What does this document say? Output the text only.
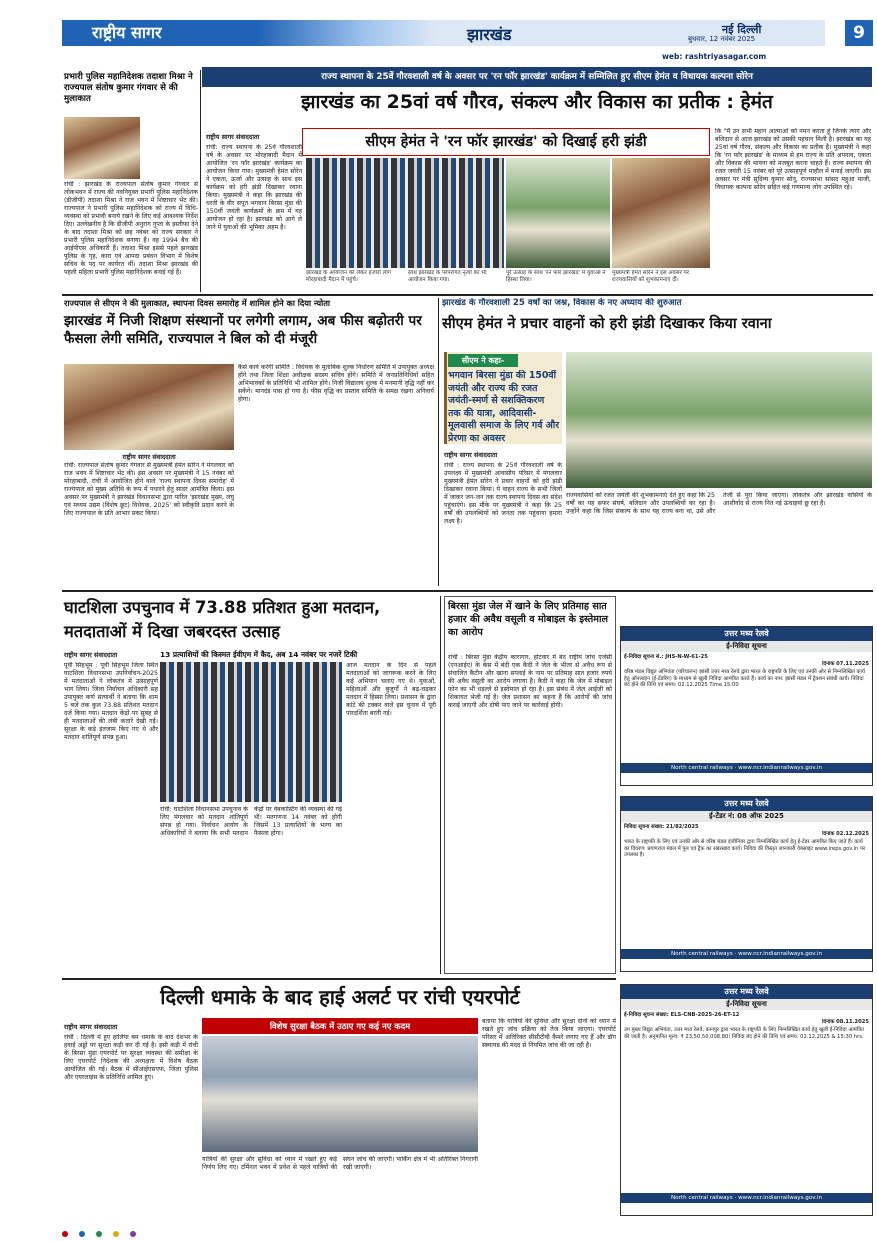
राष्ट्रीय सागर	झारखंड	नई दिल्ली
बुधवार, 12 नवंबर 2025
web: rashtriyasagar.com
9
प्रभारी पुलिस महानिदेशक तदाशा मिश्रा ने राज्यपाल संतोष कुमार गंगवार से की मुलाकात
रांची : झारखंड के राज्यपाल संतोष कुमार गंगवार से लोकभवन में राज्य की नवनियुक्त प्रभारी पुलिस महानिदेशक (डीजीपी) तदाशा मिश्रा ने राज भवन में शिष्टाचार भेंट की। राज्यपाल ने प्रभारी पुलिस महानिदेशक को राज्य में विधि-व्यवस्था को प्रभावी बनाये रखने के लिए कई आवश्यक निर्देश दिए। उल्लेखनीय है कि डीजीपी अनुराग गुप्ता के इस्तीफा देने के बाद तदाशा मिश्रा को छह नवंबर को राज्य सरकार ने प्रभारी पुलिस महानिदेशक बनाया है। वह 1994 बैच की आईपीएस अधिकारी हैं। तदाशा मिश्रा इससे पहले झारखंड पुलिस के गृह, कारा एवं आपदा प्रबंधन विभाग में विशेष सचिव के पद पर कार्यरत थीं। तदाशा मिश्रा झारखंड की पहली महिला प्रभारी पुलिस महानिदेशक बनाई गई हैं।
राज्य स्थापना के 25वें गौरवशाली वर्ष के अवसर पर 'रन फॉर झारखंड' कार्यक्रम में सम्मिलित हुए सीएम हेमंत व विधायक कल्पना सोरेन
झारखंड का 25वां वर्ष गौरव, संकल्प और विकास का प्रतीक : हेमंत
सीएम हेमंत ने 'रन फॉर झारखंड' को दिखाई हरी झंडी
राष्ट्रीय सागर संवाददाता
रांची: राज्य स्थापना के 25वें गौरवशाली वर्ष के अवसर पर मोरहाबादी मैदान में आयोजित 'रन फॉर झारखंड' कार्यक्रम का आयोजन किया गया। मुख्यमंत्री हेमंत सोरेन ने एकता, ऊर्जा और उत्साह के साथ इस कार्यक्रम को हरी झंडी दिखाकर रवाना किया। मुख्यमंत्री ने कहा कि झारखंड की धरती के वीर सपूत भगवान बिरसा मुंडा की 150वीं जयंती कार्यक्रमों के क्रम में यह आयोजन हो रहा है। झारखंड को आगे ले जाने में युवाओं की भूमिका अहम है।
झारखंड के आयोजन को लेकर हजारों लोग मोरहाबादी मैदान में पहुंचे।
साथ झारखंड के परंपरागत नृत्यों का भी आयोजन किया गया।
पूरे उत्साह के साथ 'रन फॉर झारखंड' में युवाओं ने हिस्सा लिया।
मुख्यमंत्री हेमंत सोरेन ने इस अवसर पर राज्यवासियों को शुभकामनाएं दीं।
कि "मैं उन सभी महान आत्माओं को नमन करता हूं जिनके त्याग और बलिदान से आज झारखंड को उसकी पहचान मिली है। झारखंड का यह 25वां वर्ष गौरव, संकल्प और विकास का प्रतीक है। मुख्यमंत्री ने कहा कि 'रन फॉर झारखंड' के माध्यम से हम राज्य के प्रति अपनत्व, एकता और विकास की भावना को मजबूत करना चाहते हैं। राज्य स्थापना की रजत जयंती 15 नवंबर को पूरे उत्साहपूर्ण माहौल में मनाई जाएगी। इस अवसर पर मंत्री सुदिव्य कुमार सोनू, राज्यसभा सांसद महुआ माजी, विधायक कल्पना सोरेन सहित कई गणमान्य लोग उपस्थित रहे।
राज्यपाल से सीएम ने की मुलाकात, स्थापना दिवस समारोह में शामिल होने का दिया न्योता
झारखंड में निजी शिक्षण संस्थानों पर लगेगी लगाम, अब फीस बढ़ोतरी पर फैसला लेगी समिति, राज्यपाल ने बिल को दी मंजूरी
राष्ट्रीय सागर संवाददाता
रांची: राज्यपाल संतोष कुमार गंगवार से मुख्यमंत्री हेमंत सोरेन ने मंगलवार को राज भवन में शिष्टाचार भेंट की। इस अवसर पर मुख्यमंत्री ने 15 नवंबर को मोरहाबादी, रांची में आयोजित होने वाले 'राज्य स्थापना दिवस समारोह' में राज्यपाल को मुख्य अतिथि के रूप में पधारने हेतु सादर आमंत्रित किया। इस अवसर पर मुख्यमंत्री ने झारखंड विधानसभा द्वारा पारित 'झारखंड मुख्य, लघु एवं मध्यम उद्यम (विशेष छूट) विधेयक, 2025' को स्वीकृति प्रदान करने के लिए राज्यपाल के प्रति आभार प्रकट किया।
कैसे कार्य करेगी समिति : विधेयक के मुताबिक शुल्क निर्धारण समिति में उपायुक्त अध्यक्ष होंगे तथा जिला शिक्षा अधीक्षक सदस्य सचिव होंगे। समिति में जनप्रतिनिधियों सहित अभिभावकों के प्रतिनिधि भी शामिल होंगे। निजी विद्यालय शुल्क में मनमानी वृद्धि नहीं कर सकेंगे। मानदंड पास हो गया है। फीस वृद्धि का प्रस्ताव समिति के समक्ष रखना अनिवार्य होगा।
झारखंड के गौरवशाली 25 वर्षों का जश्न, विकास के नए अध्याय की शुरुआत
सीएम हेमंत ने प्रचार वाहनों को हरी झंडी दिखाकर किया रवाना
सीएम ने कहा-
भगवान बिरसा मुंडा की 150वीं जयंती और राज्य की रजत जयंती-स्मर्ण से सशक्तिकरण तक की यात्रा, आदिवासी-मूलवासी समाज के लिए गर्व और प्रेरणा का अवसर
राष्ट्रीय सागर संवाददाता
रांची : राज्य स्थापना के 25वें गौरवशाली वर्ष के उपलक्ष्य में मुख्यमंत्री आवासीय परिसर में मंगलवार मुख्यमंत्री हेमंत सोरेन ने प्रचार वाहनों को हरी झंडी दिखाकर रवाना किया। ये वाहन राज्य के सभी जिलों में जाकर जन-जन तक राज्य स्थापना दिवस का संदेश पहुंचाएंगे। इस मौके पर मुख्यमंत्री ने कहा कि 25 वर्षों की उपलब्धियों को जनता तक पहुंचाना हमारा लक्ष्य है।
राज्यवासियों को रजत जयंती की शुभकामनाएं देते हुए कहा कि 25 वर्षों का यह सफर संघर्ष, बलिदान और उपलब्धियों का रहा है। उन्होंने कहा कि जिस संकल्प के साथ यह राज्य बना था, उसे और तेजी से पूरा किया जाएगा। लोकतंत्र और झारखंड वासियों के आशीर्वाद से राज्य नित नई ऊंचाइयां छू रहा है।
घाटशिला उपचुनाव में 73.88 प्रतिशत हुआ मतदान, मतदाताओं में दिखा जबरदस्त उत्साह
13 प्रत्याशियों की किस्मत ईवीएम में कैद, अब 14 नवंबर पर नजरें टिकी
राष्ट्रीय सागर संवाददाता
पूर्वी सिंहभूम : पूर्वी सिंहभूम जिला स्थित घाटशिला विधानसभा उपनिर्वाचन-2025 में मतदाताओं ने लोकतंत्र में उत्साहपूर्ण भाग लिया। जिला निर्वाचन अधिकारी सह उपायुक्त कर्ण सत्यार्थी ने बताया कि शाम 5 बजे तक कुल 73.88 प्रतिशत मतदान दर्ज किया गया। मतदान केंद्रों पर सुबह से ही मतदाताओं की लंबी कतारें देखी गईं। सुरक्षा के कड़े इंतजाम किए गए थे और मतदान शांतिपूर्ण संपन्न हुआ।
रांची: घाटशिला विधानसभा उपचुनाव के लिए मंगलवार को मतदान शांतिपूर्ण संपन्न हो गया। निर्वाचन आयोग के अधिकारियों ने बताया कि सभी मतदान केंद्रों पर वेबकास्टिंग की व्यवस्था की गई थी। मतगणना 14 नवंबर को होगी जिसमें 13 प्रत्याशियों के भाग्य का फैसला होगा।
आज मतदान के दिन से पहले मतदाताओं को जागरूक करने के लिए कई अभियान चलाए गए थे। युवाओं, महिलाओं और बुजुर्गों ने बढ़-चढ़कर मतदान में हिस्सा लिया। प्रशासन के द्वारा कांटे की टक्कर वाले इस चुनाव में पूरी पारदर्शिता बरती गई।
बिरसा मुंडा जेल में खाने के लिए प्रतिमाह सात हजार की अवैध वसूली व मोबाइल के इस्तेमाल का आरोप
रांची : बिरसा मुंडा केंद्रीय कारागार, होटवार में बंद राष्ट्रीय जांच एजेंसी (एनआईए) के केस में बंदी एक कैदी ने जेल के भीतर से अवैध रूप से संचालित कैंटीन और खाना सप्लाई के नाम पर प्रतिमाह सात हजार रुपये की अवैध वसूली का आरोप लगाया है। कैदी ने कहा कि जेल में मोबाइल फोन का भी धड़ल्ले से इस्तेमाल हो रहा है। इस संबंध में जेल आईजी को शिकायत भेजी गई है। जेल प्रशासन का कहना है कि आरोपों की जांच कराई जाएगी और दोषी पाए जाने पर कार्रवाई होगी।
उत्तर मध्य रेलवे
ई-निविदा सूचना
ई-निविदा सूचना सं.: JHS-N-W-61-25
दिनांक 07.11.2025
वरिष्ठ मंडल विद्युत अभियंता (परिचालन) झांसी उत्तर मध्य रेलवे द्वारा भारत के राष्ट्रपति के लिए एवं उनकी ओर से निम्नलिखित कार्य हेतु ऑनलाइन (ई-टेंडरिंग) के माध्यम से खुली निविदा आमंत्रित करते हैं। कार्य का नाम: झांसी मंडल में ट्रैक्शन संबंधी कार्य। निविदा बंद होने की तिथि एवं समय: 02.12.2025 Time 15:00
North central railways · www.ncr.indianrailways.gov.in
उत्तर मध्य रेलवे
ई-टेंडर नं: 08 ऑफ 2025
निविदा सूचना संख्या: 21/82/2025
दिनांक 02.12.2025
भारत के राष्ट्रपति के लिए एवं उनकी ओर से वरिष्ठ मंडल इंजीनियर द्वारा निम्नलिखित कार्य हेतु ई-टेंडर आमंत्रित किए जाते हैं। कार्य का विवरण: प्रयागराज मंडल में पुल एवं ट्रैक का रखरखाव कार्य। निविदा की विस्तृत जानकारी वेबसाइट www.ireps.gov.in पर उपलब्ध है।
North central railways · www.ncr.indianrailways.gov.in
उत्तर मध्य रेलवे
ई-निविदा सूचना
ई-निविदा सूचना संख्या: ELS-CNB-2025-26-ET-12
दिनांक 08.11.2025
उप मुख्य विद्युत अभियंता, उत्तर मध्य रेलवे, कानपुर द्वारा भारत के राष्ट्रपति के लिए निम्नलिखित कार्य हेतु खुली ई-निविदा आमंत्रित की जाती है। अनुमानित मूल्य: ₹ 23,50,50,008.80। निविदा बंद होने की तिथि एवं समय: 02.12.2025 & 15:30 hrs.
North central railways · www.ncr.indianrailways.gov.in
दिल्ली धमाके के बाद हाई अलर्ट पर रांची एयरपोर्ट
राष्ट्रीय सागर संवाददाता
रांची : दिल्ली में हुए हालिया बम धमाके के बाद देशभर के हवाई अड्डों पर सुरक्षा कड़ी कर दी गई है। इसी कड़ी में रांची के बिरसा मुंडा एयरपोर्ट पर सुरक्षा व्यवस्था की समीक्षा के लिए एयरपोर्ट निदेशक की अध्यक्षता में विशेष बैठक आयोजित की गई। बैठक में सीआईएसएफ, जिला पुलिस और एयरलाइंस के प्रतिनिधि शामिल हुए।
विशेष सुरक्षा बैठक में उठाए गए कई नए कदम
यात्रियों की सुरक्षा और सुविधा को ध्यान में रखते हुए कई निर्णय लिए गए। टर्मिनल भवन में प्रवेश से पहले यात्रियों की सघन जांच की जाएगी। पार्किंग क्षेत्र में भी अतिरिक्त निगरानी रखी जाएगी।
बताया कि यात्रियों की सुविधा और सुरक्षा दोनों को ध्यान में रखते हुए जांच प्रक्रिया को तेज किया जाएगा। एयरपोर्ट परिसर में अतिरिक्त सीसीटीवी कैमरे लगाए गए हैं और डॉग स्क्वायड की मदद से नियमित जांच की जा रही है।
